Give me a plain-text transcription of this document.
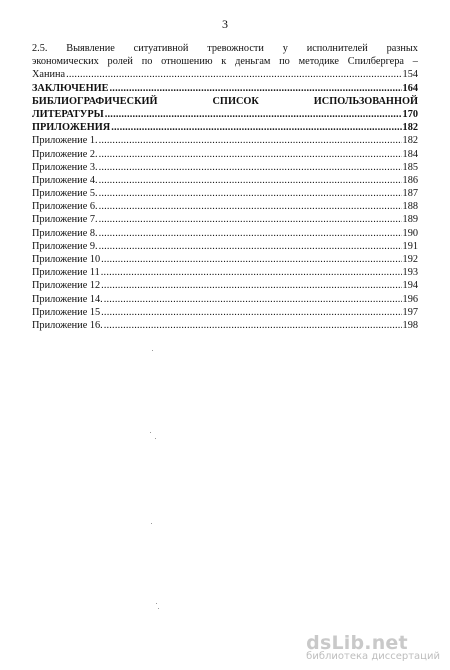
3
2.5. Выявление ситуативной тревожности у исполнителей разных
экономических ролей по отношению к деньгам по методике Спилбергера –
Ханина .....	154
ЗАКЛЮЧЕНИЕ .....	164
БИБЛИОГРАФИЧЕСКИЙ	СПИСОК	ИСПОЛЬЗОВАННОЙ
ЛИТЕРАТУРЫ .....	170
ПРИЛОЖЕНИЯ .....	182
Приложение 1. .....	182
Приложение 2. .....	184
Приложение 3. .....	185
Приложение 4. .....	186
Приложение 5. .....	187
Приложение 6. .....	188
Приложение 7. .....	189
Приложение 8. .....	190
Приложение 9. .....	191
Приложение 10 .....	192
Приложение 11 .....	193
Приложение 12 .....	194
Приложение 14. .....	196
Приложение 15 .....	197
Приложение 16. .....	198
dsLib.net
библиотека диссертаций
